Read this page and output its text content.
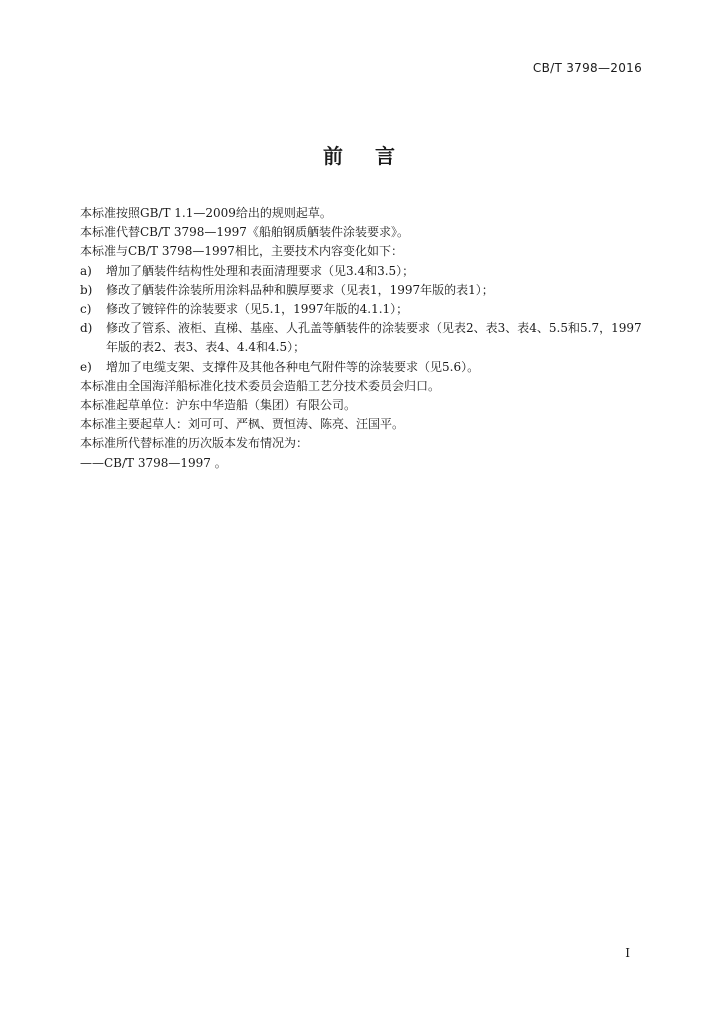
CB/T 3798—2016
前　言

本标准按照GB/T 1.1—2009给出的规则起草。

本标准代替CB/T 3798—1997《船舶钢质舾装件涂装要求》。

本标准与CB/T 3798—1997相比，主要技术内容变化如下：

a)	增加了舾装件结构性处理和表面清理要求（见3.4和3.5）；
b)	修改了舾装件涂装所用涂料品种和膜厚要求（见表1，1997年版的表1）；
c)	修改了镀锌件的涂装要求（见5.1，1997年版的4.1.1）；
d)	修改了管系、液柜、直梯、基座、人孔盖等舾装件的涂装要求（见表2、表3、表4、5.5和5.7，1997年版的表2、表3、表4、4.4和4.5）；
e)	增加了电缆支架、支撑件及其他各种电气附件等的涂装要求（见5.6）。

本标准由全国海洋船标准化技术委员会造船工艺分技术委员会归口。

本标准起草单位：沪东中华造船（集团）有限公司。

本标准主要起草人：刘可可、严枫、贾恒涛、陈亮、汪国平。

本标准所代替标准的历次版本发布情况为：

——CB/T 3798—1997 。

I
